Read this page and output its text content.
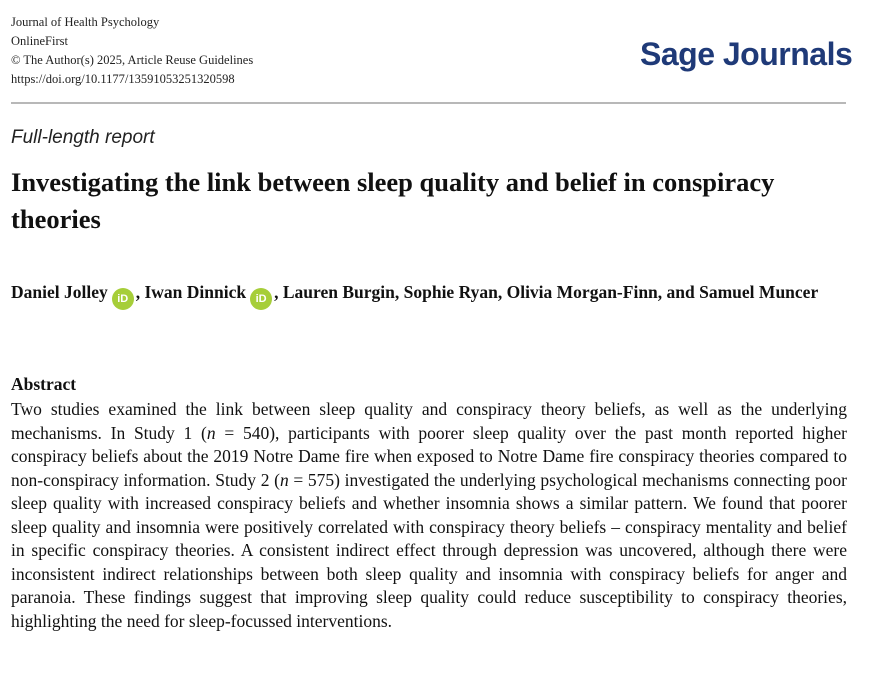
Journal of Health Psychology
OnlineFirst
© The Author(s) 2025, Article Reuse Guidelines
https://doi.org/10.1177/13591053251320598
Sage Journals
Full-length report
Investigating the link between sleep quality and belief in conspiracy theories
Daniel Jolley iD , Iwan Dinnick iD , Lauren Burgin, Sophie Ryan, Olivia Morgan-Finn, and Samuel Muncer
Abstract

Two studies examined the link between sleep quality and conspiracy theory beliefs, as well as the underlying mechanisms. In Study 1 (n = 540), participants with poorer sleep quality over the past month reported higher conspiracy beliefs about the 2019 Notre Dame fire when exposed to Notre Dame fire conspiracy theories compared to non-conspiracy information. Study 2 (n = 575) investigated the underlying psychological mechanisms connecting poor sleep quality with increased conspiracy beliefs and whether insomnia shows a similar pattern. We found that poorer sleep quality and insomnia were positively correlated with conspiracy theory beliefs – conspiracy mentality and belief in specific conspiracy theories. A consistent indirect effect through depression was uncovered, although there were inconsistent indirect relationships between both sleep quality and insomnia with conspiracy beliefs for anger and paranoia. These findings suggest that improving sleep quality could reduce susceptibility to conspiracy theories, highlighting the need for sleep-focussed interventions.
